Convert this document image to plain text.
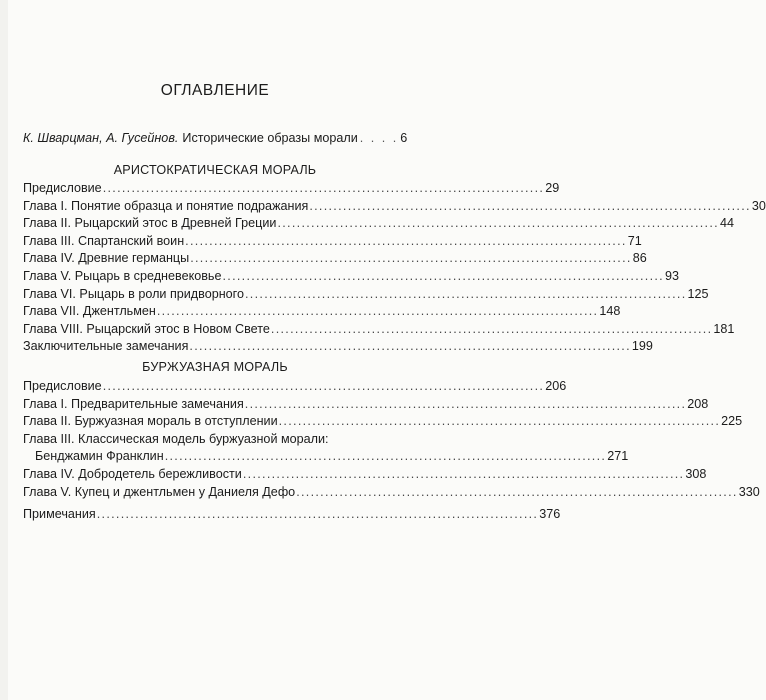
ОГЛАВЛЕНИЕ
К. Шварцман, А. Гусейнов. Исторические образы морали . . . . 6
АРИСТОКРАТИЧЕСКАЯ МОРАЛЬ
Предисловие ............................................................................................ 29
Глава I. Понятие образца и понятие подражания ............................................................................................ 30
Глава II. Рыцарский этос в Древней Греции ............................................................................................ 44
Глава III. Спартанский воин ............................................................................................ 71
Глава IV. Древние германцы ............................................................................................ 86
Глава V. Рыцарь в средневековье ............................................................................................ 93
Глава VI. Рыцарь в роли придворного ............................................................................................ 125
Глава VII. Джентльмен ............................................................................................ 148
Глава VIII. Рыцарский этос в Новом Свете ............................................................................................ 181
Заключительные замечания ............................................................................................ 199
БУРЖУАЗНАЯ МОРАЛЬ
Предисловие ............................................................................................ 206
Глава I. Предварительные замечания ............................................................................................ 208
Глава II. Буржуазная мораль в отступлении ............................................................................................ 225
Глава III. Классическая модель буржуазной морали:
Бенджамин Франклин ............................................................................................ 271
Глава IV. Добродетель бережливости ............................................................................................ 308
Глава V. Купец и джентльмен у Даниеля Дефо ............................................................................................ 330
Примечания ............................................................................................ 376
